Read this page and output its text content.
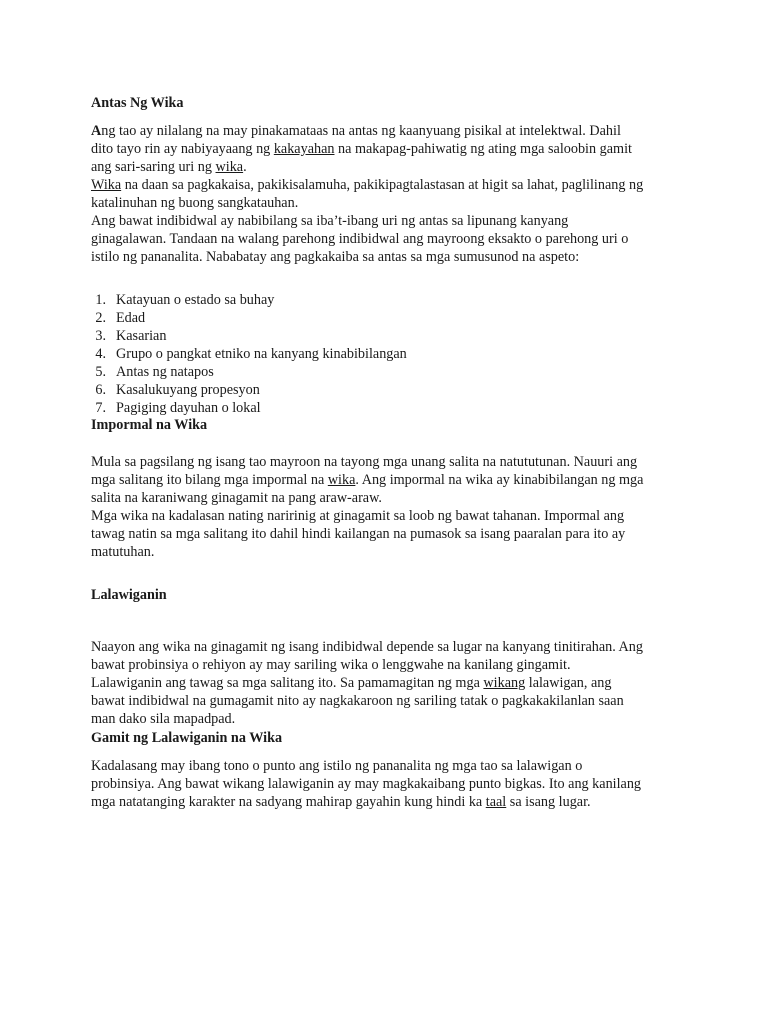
Antas Ng Wika

Ang tao ay nilalang na may pinakamataas na antas ng kaanyuang pisikal at intelektwal. Dahil
dito tayo rin ay nabiyayaang ng kakayahan na makapag-pahiwatig ng ating mga saloobin gamit
ang sari-saring uri ng wika.
Wika na daan sa pagkakaisa, pakikisalamuha, pakikipagtalastasan at higit sa lahat, paglilinang ng
katalinuhan ng buong sangkatauhan.
Ang bawat indibidwal ay nabibilang sa iba’t-ibang uri ng antas sa lipunang kanyang
ginagalawan. Tandaan na walang parehong indibidwal ang mayroong eksakto o parehong uri o
istilo ng pananalita. Nababatay ang pagkakaiba sa antas sa mga sumusunod na aspeto:

1. Katayuan o estado sa buhay
2. Edad
3. Kasarian
4. Grupo o pangkat etniko na kanyang kinabibilangan
5. Antas ng natapos
6. Kasalukuyang propesyon
7. Pagiging dayuhan o lokal
Impormal na Wika

Mula sa pagsilang ng isang tao mayroon na tayong mga unang salita na natututunan. Nauuri ang
mga salitang ito bilang mga impormal na wika. Ang impormal na wika ay kinabibilangan ng mga
salita na karaniwang ginagamit na pang araw-araw.
Mga wika na kadalasan nating naririnig at ginagamit sa loob ng bawat tahanan. Impormal ang
tawag natin sa mga salitang ito dahil hindi kailangan na pumasok sa isang paaralan para ito ay
matutuhan.

Lalawiganin

Naayon ang wika na ginagamit ng isang indibidwal depende sa lugar na kanyang tinitirahan. Ang
bawat probinsiya o rehiyon ay may sariling wika o lenggwahe na kanilang gingamit.
Lalawiganin ang tawag sa mga salitang ito. Sa pamamagitan ng mga wikang lalawigan, ang
bawat indibidwal na gumagamit nito ay nagkakaroon ng sariling tatak o pagkakakilanlan saan
man dako sila mapadpad.

Gamit ng Lalawiganin na Wika

Kadalasang may ibang tono o punto ang istilo ng pananalita ng mga tao sa lalawigan o
probinsiya. Ang bawat wikang lalawiganin ay may magkakaibang punto bigkas. Ito ang kanilang
mga natatanging karakter na sadyang mahirap gayahin kung hindi ka taal sa isang lugar.
